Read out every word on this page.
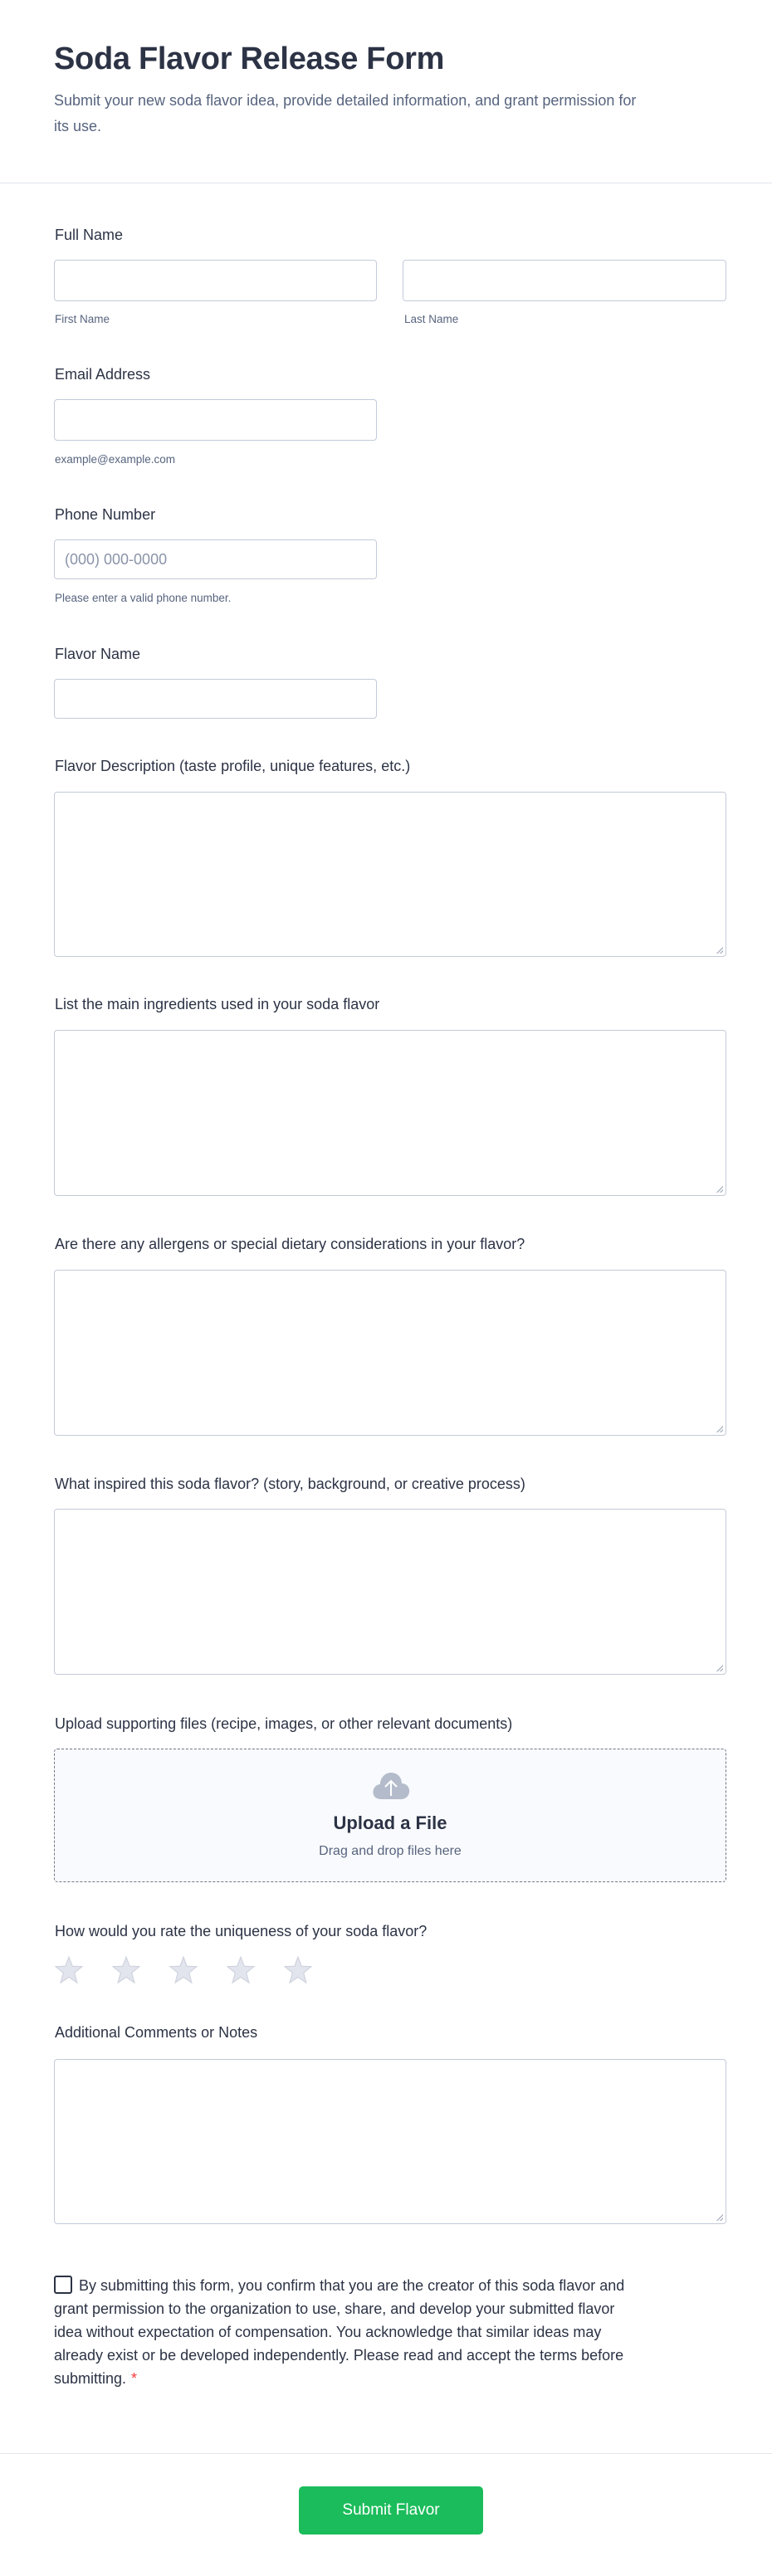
Soda Flavor Release Form
Submit your new soda flavor idea, provide detailed information, and grant permission for its use.
Full Name
First Name	Last Name
Email Address
example@example.com
Phone Number
(000) 000-0000
Please enter a valid phone number.
Flavor Name
Flavor Description (taste profile, unique features, etc.)
List the main ingredients used in your soda flavor
Are there any allergens or special dietary considerations in your flavor?
What inspired this soda flavor? (story, background, or creative process)
Upload supporting files (recipe, images, or other relevant documents)
Upload a File
Drag and drop files here
How would you rate the uniqueness of your soda flavor?
Additional Comments or Notes
By submitting this form, you confirm that you are the creator of this soda flavor and grant permission to the organization to use, share, and develop your submitted flavor idea without expectation of compensation. You acknowledge that similar ideas may already exist or be developed independently. Please read and accept the terms before submitting. *
Submit Flavor
